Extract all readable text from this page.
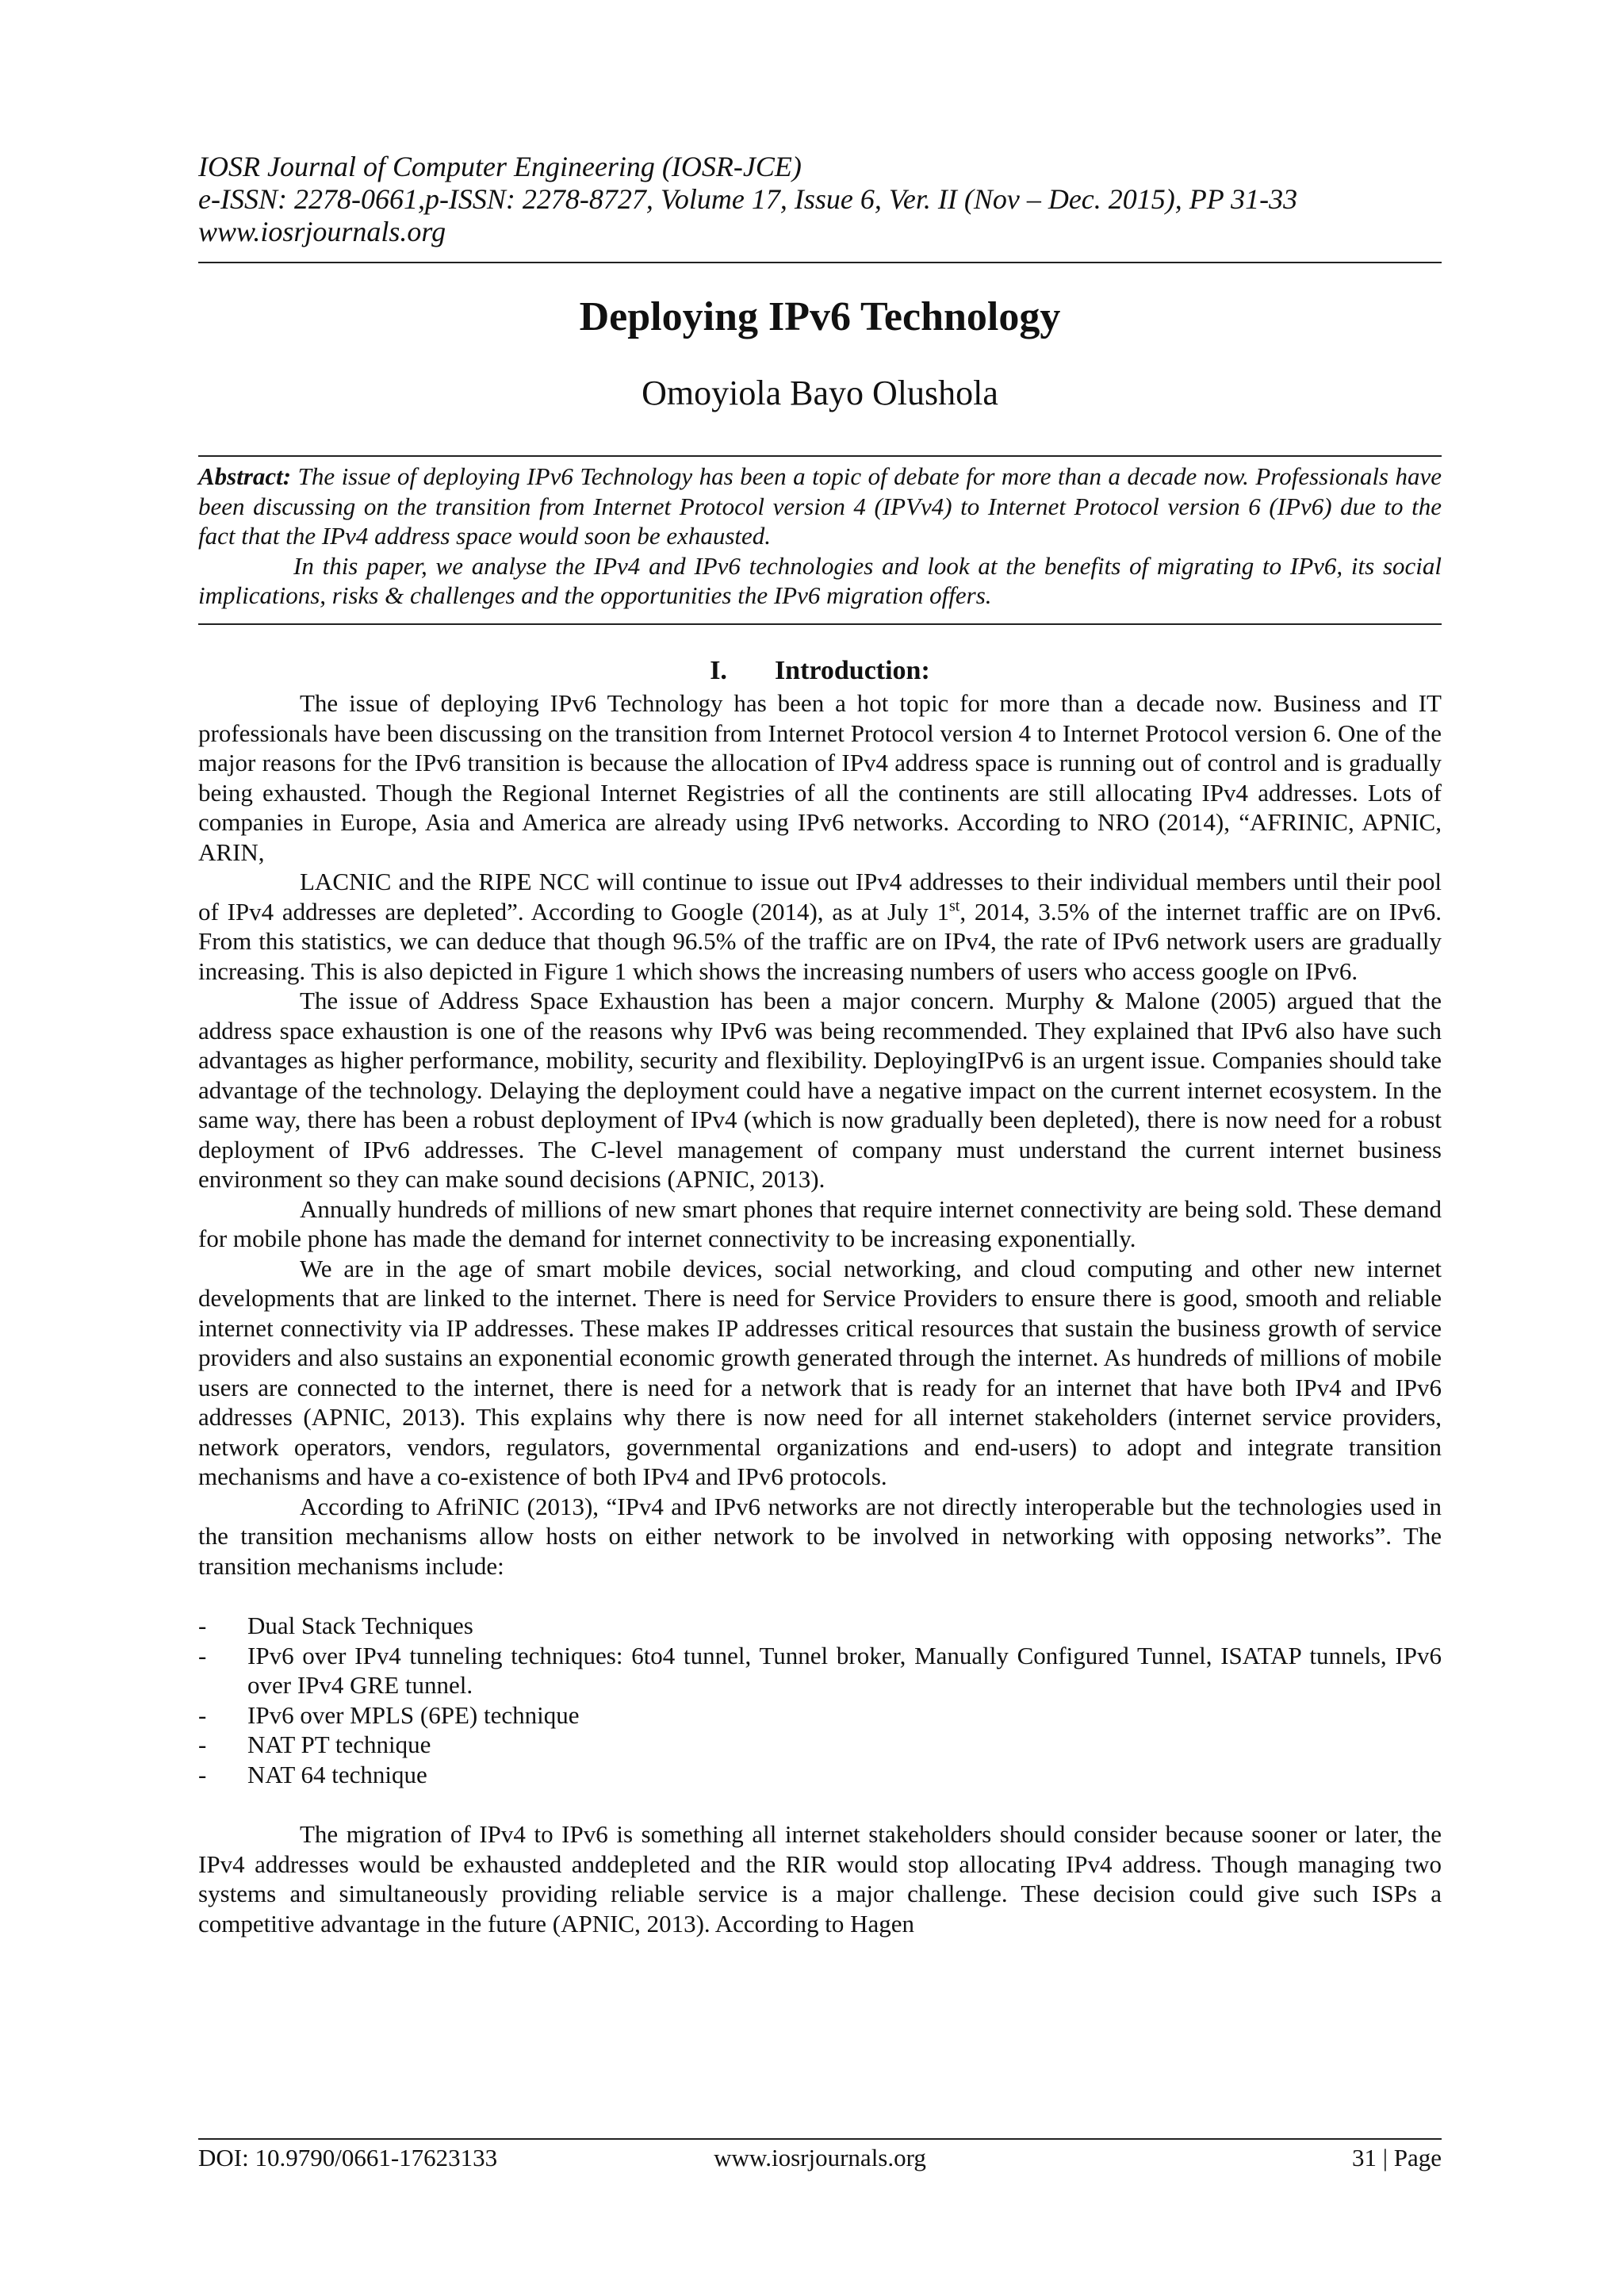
IOSR Journal of Computer Engineering (IOSR-JCE)
e-ISSN: 2278-0661,p-ISSN: 2278-8727, Volume 17, Issue 6, Ver. II (Nov – Dec. 2015), PP 31-33
www.iosrjournals.org
Deploying IPv6 Technology
Omoyiola Bayo Olushola

Abstract: The issue of deploying IPv6 Technology has been a topic of debate for more than a decade now. Professionals have been discussing on the transition from Internet Protocol version 4 (IPVv4) to Internet Protocol version 6 (IPv6) due to the fact that the IPv4 address space would soon be exhausted.

In this paper, we analyse the IPv4 and IPv6 technologies and look at the benefits of migrating to IPv6, its social implications, risks & challenges and the opportunities the IPv6 migration offers.

I. Introduction:

The issue of deploying IPv6 Technology has been a hot topic for more than a decade now. Business and IT professionals have been discussing on the transition from Internet Protocol version 4 to Internet Protocol version 6. One of the major reasons for the IPv6 transition is because the allocation of IPv4 address space is running out of control and is gradually being exhausted. Though the Regional Internet Registries of all the continents are still allocating IPv4 addresses. Lots of companies in Europe, Asia and America are already using IPv6 networks. According to NRO (2014), “AFRINIC, APNIC, ARIN,

LACNIC and the RIPE NCC will continue to issue out IPv4 addresses to their individual members until their pool of IPv4 addresses are depleted”. According to Google (2014), as at July 1st, 2014, 3.5% of the internet traffic are on IPv6. From this statistics, we can deduce that though 96.5% of the traffic are on IPv4, the rate of IPv6 network users are gradually increasing. This is also depicted in Figure 1 which shows the increasing numbers of users who access google on IPv6.

The issue of Address Space Exhaustion has been a major concern. Murphy & Malone (2005) argued that the address space exhaustion is one of the reasons why IPv6 was being recommended. They explained that IPv6 also have such advantages as higher performance, mobility, security and flexibility. DeployingIPv6 is an urgent issue. Companies should take advantage of the technology. Delaying the deployment could have a negative impact on the current internet ecosystem. In the same way, there has been a robust deployment of IPv4 (which is now gradually been depleted), there is now need for a robust deployment of IPv6 addresses. The C-level management of company must understand the current internet business environment so they can make sound decisions (APNIC, 2013).

Annually hundreds of millions of new smart phones that require internet connectivity are being sold. These demand for mobile phone has made the demand for internet connectivity to be increasing exponentially.

We are in the age of smart mobile devices, social networking, and cloud computing and other new internet developments that are linked to the internet. There is need for Service Providers to ensure there is good, smooth and reliable internet connectivity via IP addresses. These makes IP addresses critical resources that sustain the business growth of service providers and also sustains an exponential economic growth generated through the internet. As hundreds of millions of mobile users are connected to the internet, there is need for a network that is ready for an internet that have both IPv4 and IPv6 addresses (APNIC, 2013). This explains why there is now need for all internet stakeholders (internet service providers, network operators, vendors, regulators, governmental organizations and end-users) to adopt and integrate transition mechanisms and have a co-existence of both IPv4 and IPv6 protocols.

According to AfriNIC (2013), “IPv4 and IPv6 networks are not directly interoperable but the technologies used in the transition mechanisms allow hosts on either network to be involved in networking with opposing networks”. The transition mechanisms include:

- Dual Stack Techniques
- IPv6 over IPv4 tunneling techniques: 6to4 tunnel, Tunnel broker, Manually Configured Tunnel, ISATAP tunnels, IPv6 over IPv4 GRE tunnel.
- IPv6 over MPLS (6PE) technique
- NAT PT technique
- NAT 64 technique

The migration of IPv4 to IPv6 is something all internet stakeholders should consider because sooner or later, the IPv4 addresses would be exhausted anddepleted and the RIR would stop allocating IPv4 address. Though managing two systems and simultaneously providing reliable service is a major challenge. These decision could give such ISPs a competitive advantage in the future (APNIC, 2013). According to Hagen

DOI: 10.9790/0661-17623133	www.iosrjournals.org	31 | Page
